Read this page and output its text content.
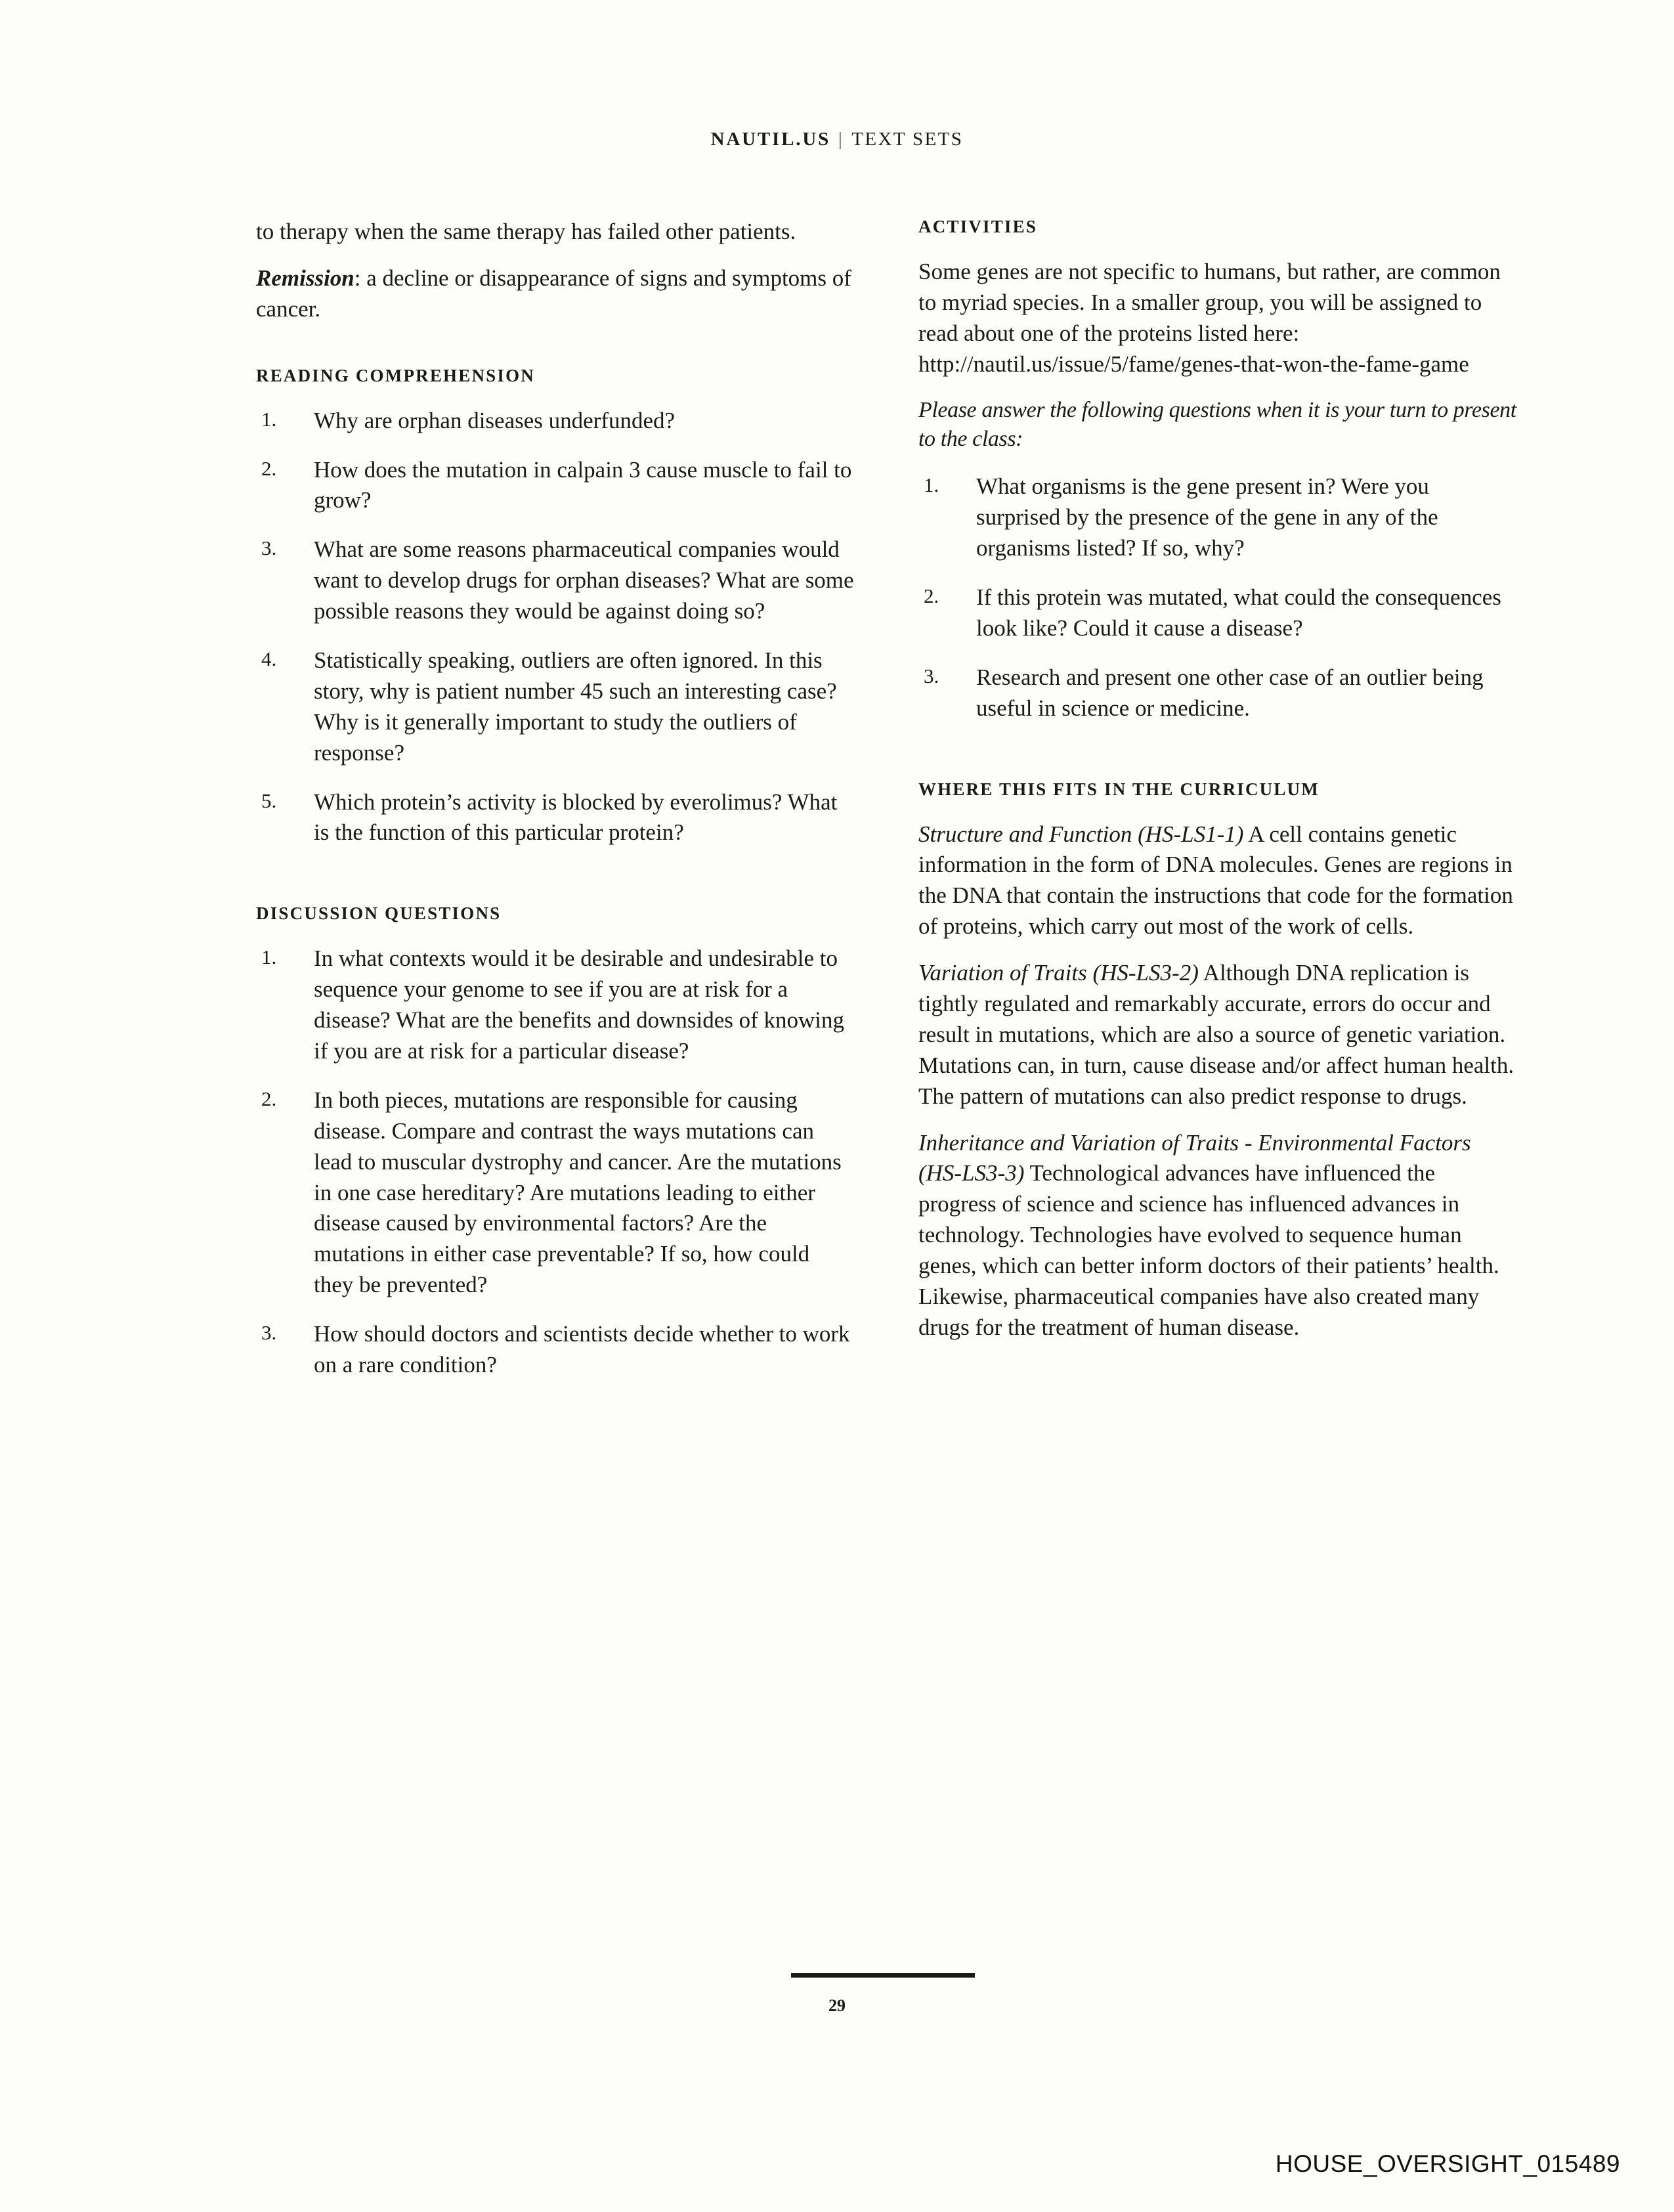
NAUTIL.US | TEXT SETS

to therapy when the same therapy has failed other patients.

Remission: a decline or disappearance of signs and symptoms of cancer.

READING COMPREHENSION
Why are orphan diseases underfunded?
How does the mutation in calpain 3 cause muscle to fail to grow?
What are some reasons pharmaceutical companies would want to develop drugs for orphan diseases? What are some possible reasons they would be against doing so?
Statistically speaking, outliers are often ignored. In this story, why is patient number 45 such an interesting case? Why is it generally important to study the outliers of response?
Which protein’s activity is blocked by everolimus? What is the function of this particular protein?
DISCUSSION QUESTIONS
In what contexts would it be desirable and undesirable to sequence your genome to see if you are at risk for a disease? What are the benefits and downsides of knowing if you are at risk for a particular disease?
In both pieces, mutations are responsible for causing disease. Compare and contrast the ways mutations can lead to muscular dystrophy and cancer. Are the mutations in one case hereditary? Are mutations leading to either disease caused by environmental factors? Are the mutations in either case preventable? If so, how could they be prevented?
How should doctors and scientists decide whether to work on a rare condition?
ACTIVITIES

Some genes are not specific to humans, but rather, are common to myriad species. In a smaller group, you will be assigned to read about one of the proteins listed here: http://nautil.us/issue/5/fame/genes-that-won-the-fame-game

Please answer the following questions when it is your turn to present to the class:

What organisms is the gene present in? Were you surprised by the presence of the gene in any of the organisms listed? If so, why?
If this protein was mutated, what could the consequences look like? Could it cause a disease?
Research and present one other case of an outlier being useful in science or medicine.
WHERE THIS FITS IN THE CURRICULUM

Structure and Function (HS-LS1-1) A cell contains genetic information in the form of DNA molecules. Genes are regions in the DNA that contain the instructions that code for the formation of proteins, which carry out most of the work of cells.

Variation of Traits (HS-LS3-2) Although DNA replication is tightly regulated and remarkably accurate, errors do occur and result in mutations, which are also a source of genetic variation. Mutations can, in turn, cause disease and/or affect human health. The pattern of mutations can also predict response to drugs.

Inheritance and Variation of Traits - Environmental Factors (HS-LS3-3) Technological advances have influenced the progress of science and science has influenced advances in technology. Technologies have evolved to sequence human genes, which can better inform doctors of their patients’ health. Likewise, pharmaceutical companies have also created many drugs for the treatment of human disease.

29
HOUSE_OVERSIGHT_015489
